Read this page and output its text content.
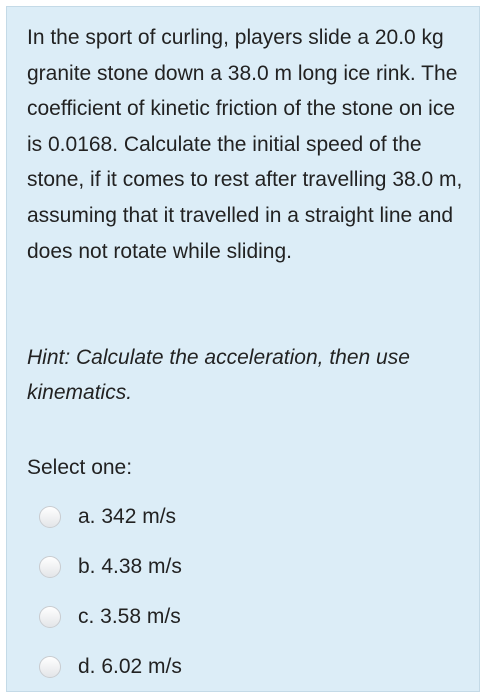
In the sport of curling, players slide a 20.0 kg granite stone down a 38.0 m long ice rink. The coefficient of kinetic friction of the stone on ice is 0.0168. Calculate the initial speed of the stone, if it comes to rest after travelling 38.0 m, assuming that it travelled in a straight line and does not rotate while sliding.

Hint: Calculate the acceleration, then use kinematics.

Select one:

a. 342 m/s
b. 4.38 m/s
c. 3.58 m/s
d. 6.02 m/s
